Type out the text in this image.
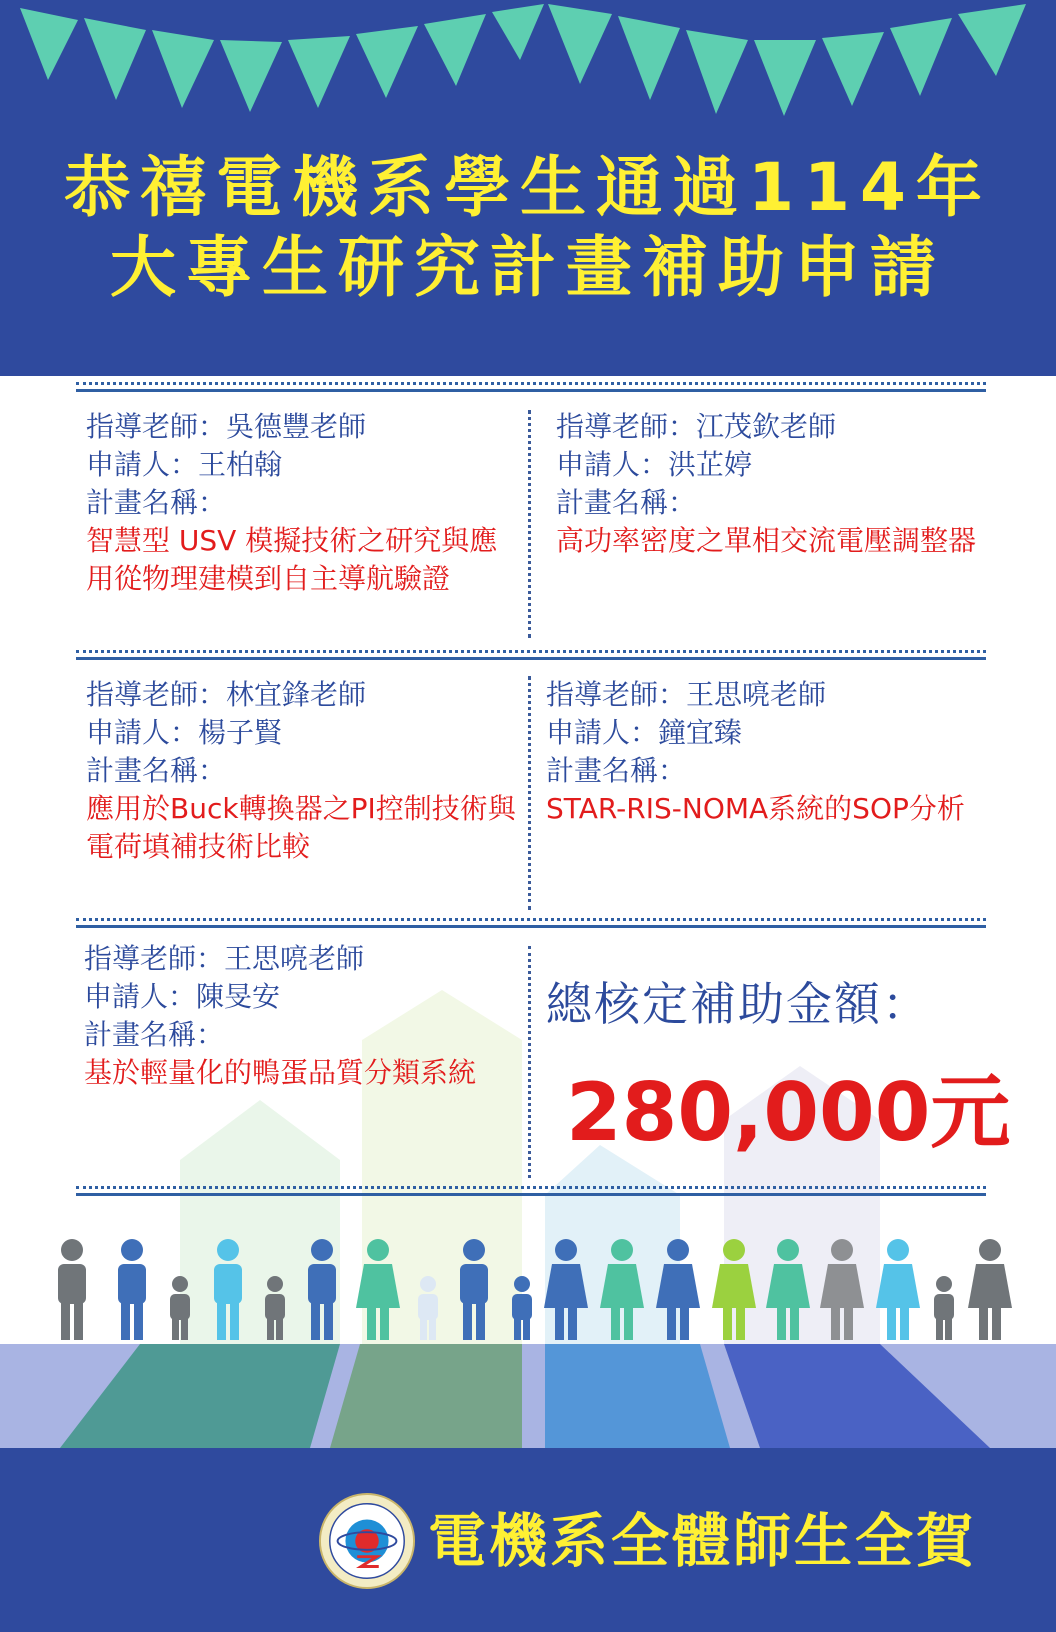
恭禧電機系學生通過114年
大專生研究計畫補助申請
指導老師：吳德豐老師
申請人：王柏翰
計畫名稱：
智慧型 USV 模擬技術之研究與應用從物理建模到自主導航驗證
指導老師：江茂欽老師
申請人：洪芷婷
計畫名稱：
高功率密度之單相交流電壓調整器
指導老師：林宜鋒老師
申請人：楊子賢
計畫名稱：
應用於Buck轉換器之PI控制技術與電荷填補技術比較
指導老師：王思喨老師
申請人：鐘宜臻
計畫名稱：
STAR-RIS-NOMA系統的SOP分析
指導老師：王思喨老師
申請人：陳旻安
計畫名稱：
基於輕量化的鴨蛋品質分類系統
總核定補助金額：
280,000元
電機系全體師生全賀
